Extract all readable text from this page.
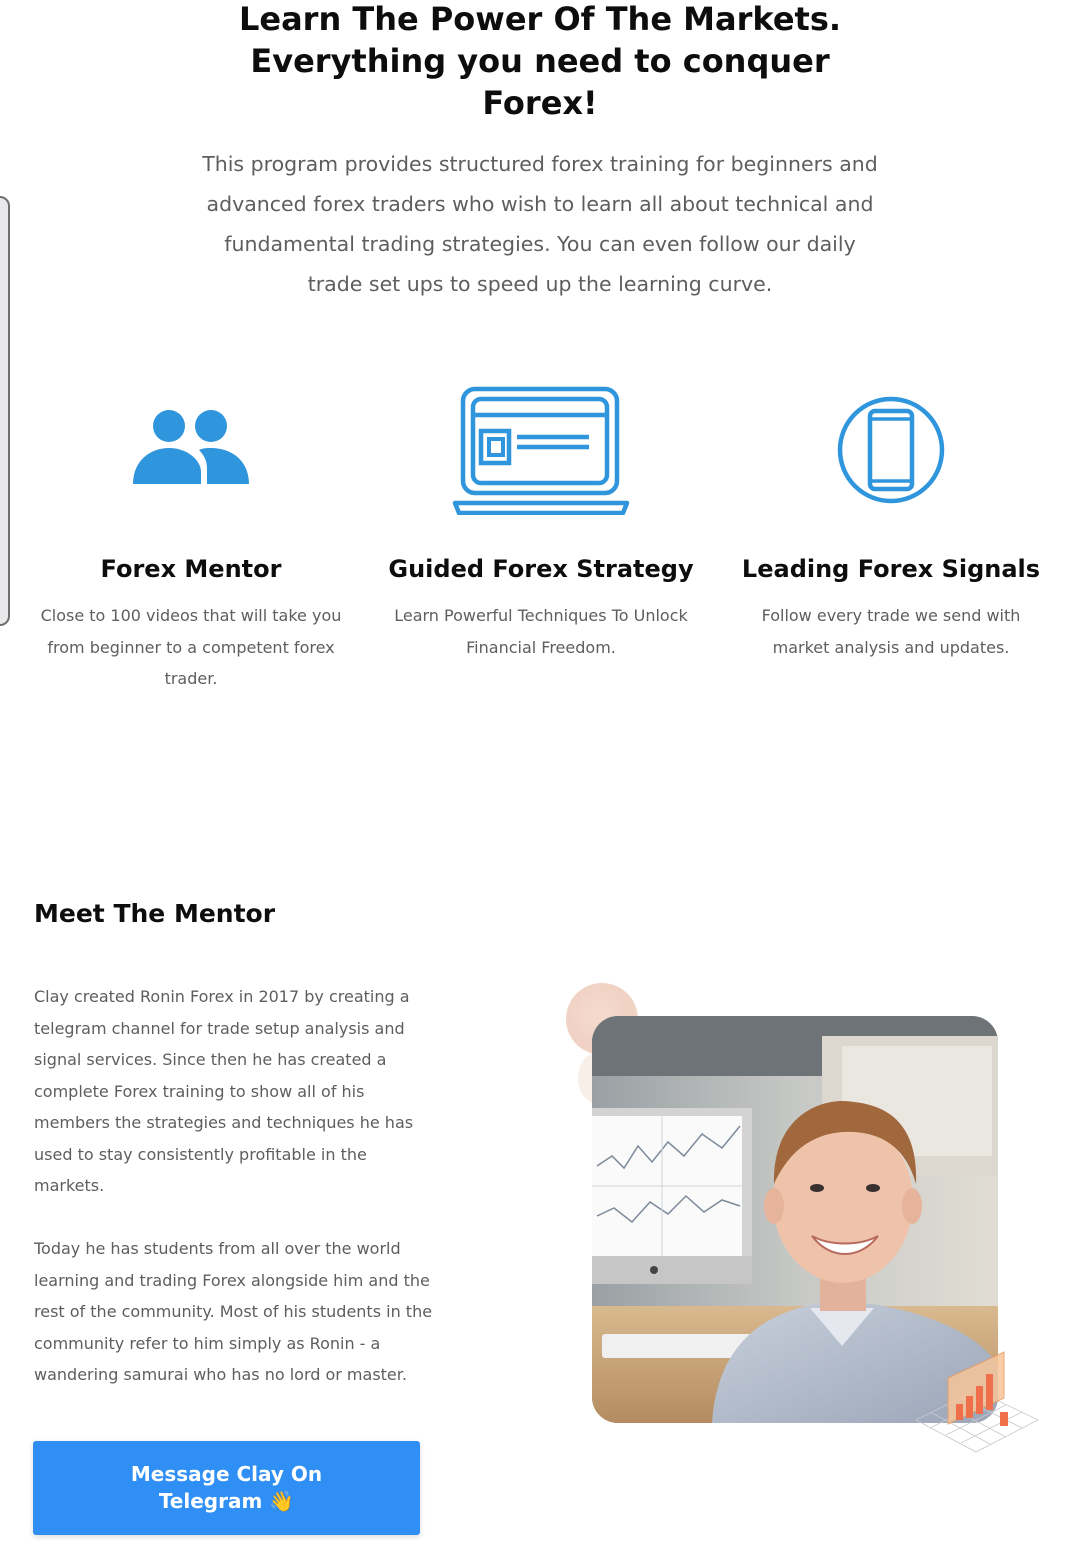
Learn The Power Of The Markets.
Everything you need to conquer
Forex!

This program provides structured forex training for beginners and advanced forex traders who wish to learn all about technical and fundamental trading strategies. You can even follow our daily trade set ups to speed up the learning curve.

Forex Mentor

Close to 100 videos that will take you from beginner to a competent forex trader.

Guided Forex Strategy

Learn Powerful Techniques To Unlock Financial Freedom.

Leading Forex Signals

Follow every trade we send with market analysis and updates.

Meet The Mentor

Clay created Ronin Forex in 2017 by creating a telegram channel for trade setup analysis and signal services. Since then he has created a complete Forex training to show all of his members the strategies and techniques he has used to stay consistently profitable in the markets.

Today he has students from all over the world learning and trading Forex alongside him and the rest of the community. Most of his students in the community refer to him simply as Ronin - a wandering samurai who has no lord or master.

Message Clay On Telegram 👋
